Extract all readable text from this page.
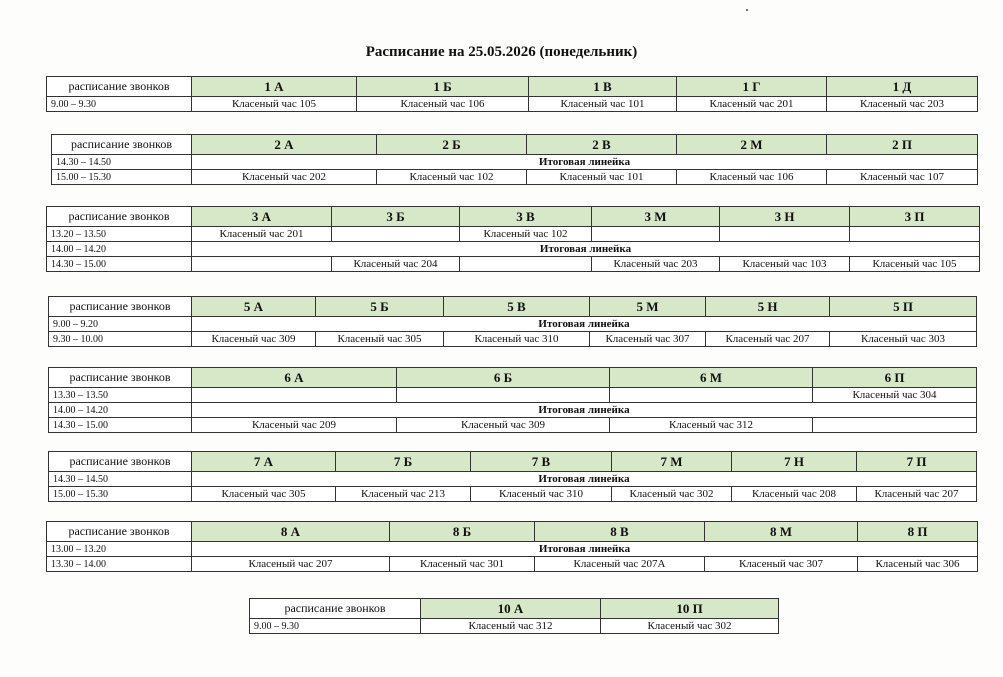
Расписание на 25.05.2026 (понедельник)
расписание звонков	1 А	1 Б	1 В	1 Г	1 Д
9.00 – 9.30	Класеный час 105	Класеный час 106	Класеный час 101	Класеный час 201	Класеный час 203
расписание звонков	2 А	2 Б	2 В	2 М	2 П
14.30 – 14.50	Итоговая линейка				
15.00 – 15.30	Класеный час 202	Класеный час 102	Класеный час 101	Класеный час 106	Класеный час 107
расписание звонков	3 А	3 Б	3 В	3 М	3 Н	3 П
13.20 – 13.50	Класеный час 201		Класеный час 102			
14.00 – 14.20	Итоговая линейка					
14.30 – 15.00		Класеный час 204		Класеный час 203	Класеный час 103	Класеный час 105
расписание звонков	5 А	5 Б	5 В	5 М	5 Н	5 П
9.00 – 9.20	Итоговая линейка					
9.30 – 10.00	Класеный час 309	Класеный час 305	Класеный час 310	Класеный час 307	Класеный час 207	Класеный час 303
расписание звонков	6 А	6 Б	6 М	6 П
13.30 – 13.50				Класеный час 304
14.00 – 14.20	Итоговая линейка			
14.30 – 15.00	Класеный час 209	Класеный час 309	Класеный час 312	
расписание звонков	7 А	7 Б	7 В	7 М	7 Н	7 П
14.30 – 14.50	Итоговая линейка					
15.00 – 15.30	Класеный час 305	Класеный час 213	Класеный час 310	Класеный час 302	Класеный час 208	Класеный час 207
расписание звонков	8 А	8 Б	8 В	8 М	8 П
13.00 – 13.20	Итоговая линейка				
13.30 – 14.00	Класеный час 207	Класеный час 301	Класеный час 207А	Класеный час 307	Класеный час 306
расписание звонков	10 А	10 П
9.00 – 9.30	Класеный час 312	Класеный час 302
